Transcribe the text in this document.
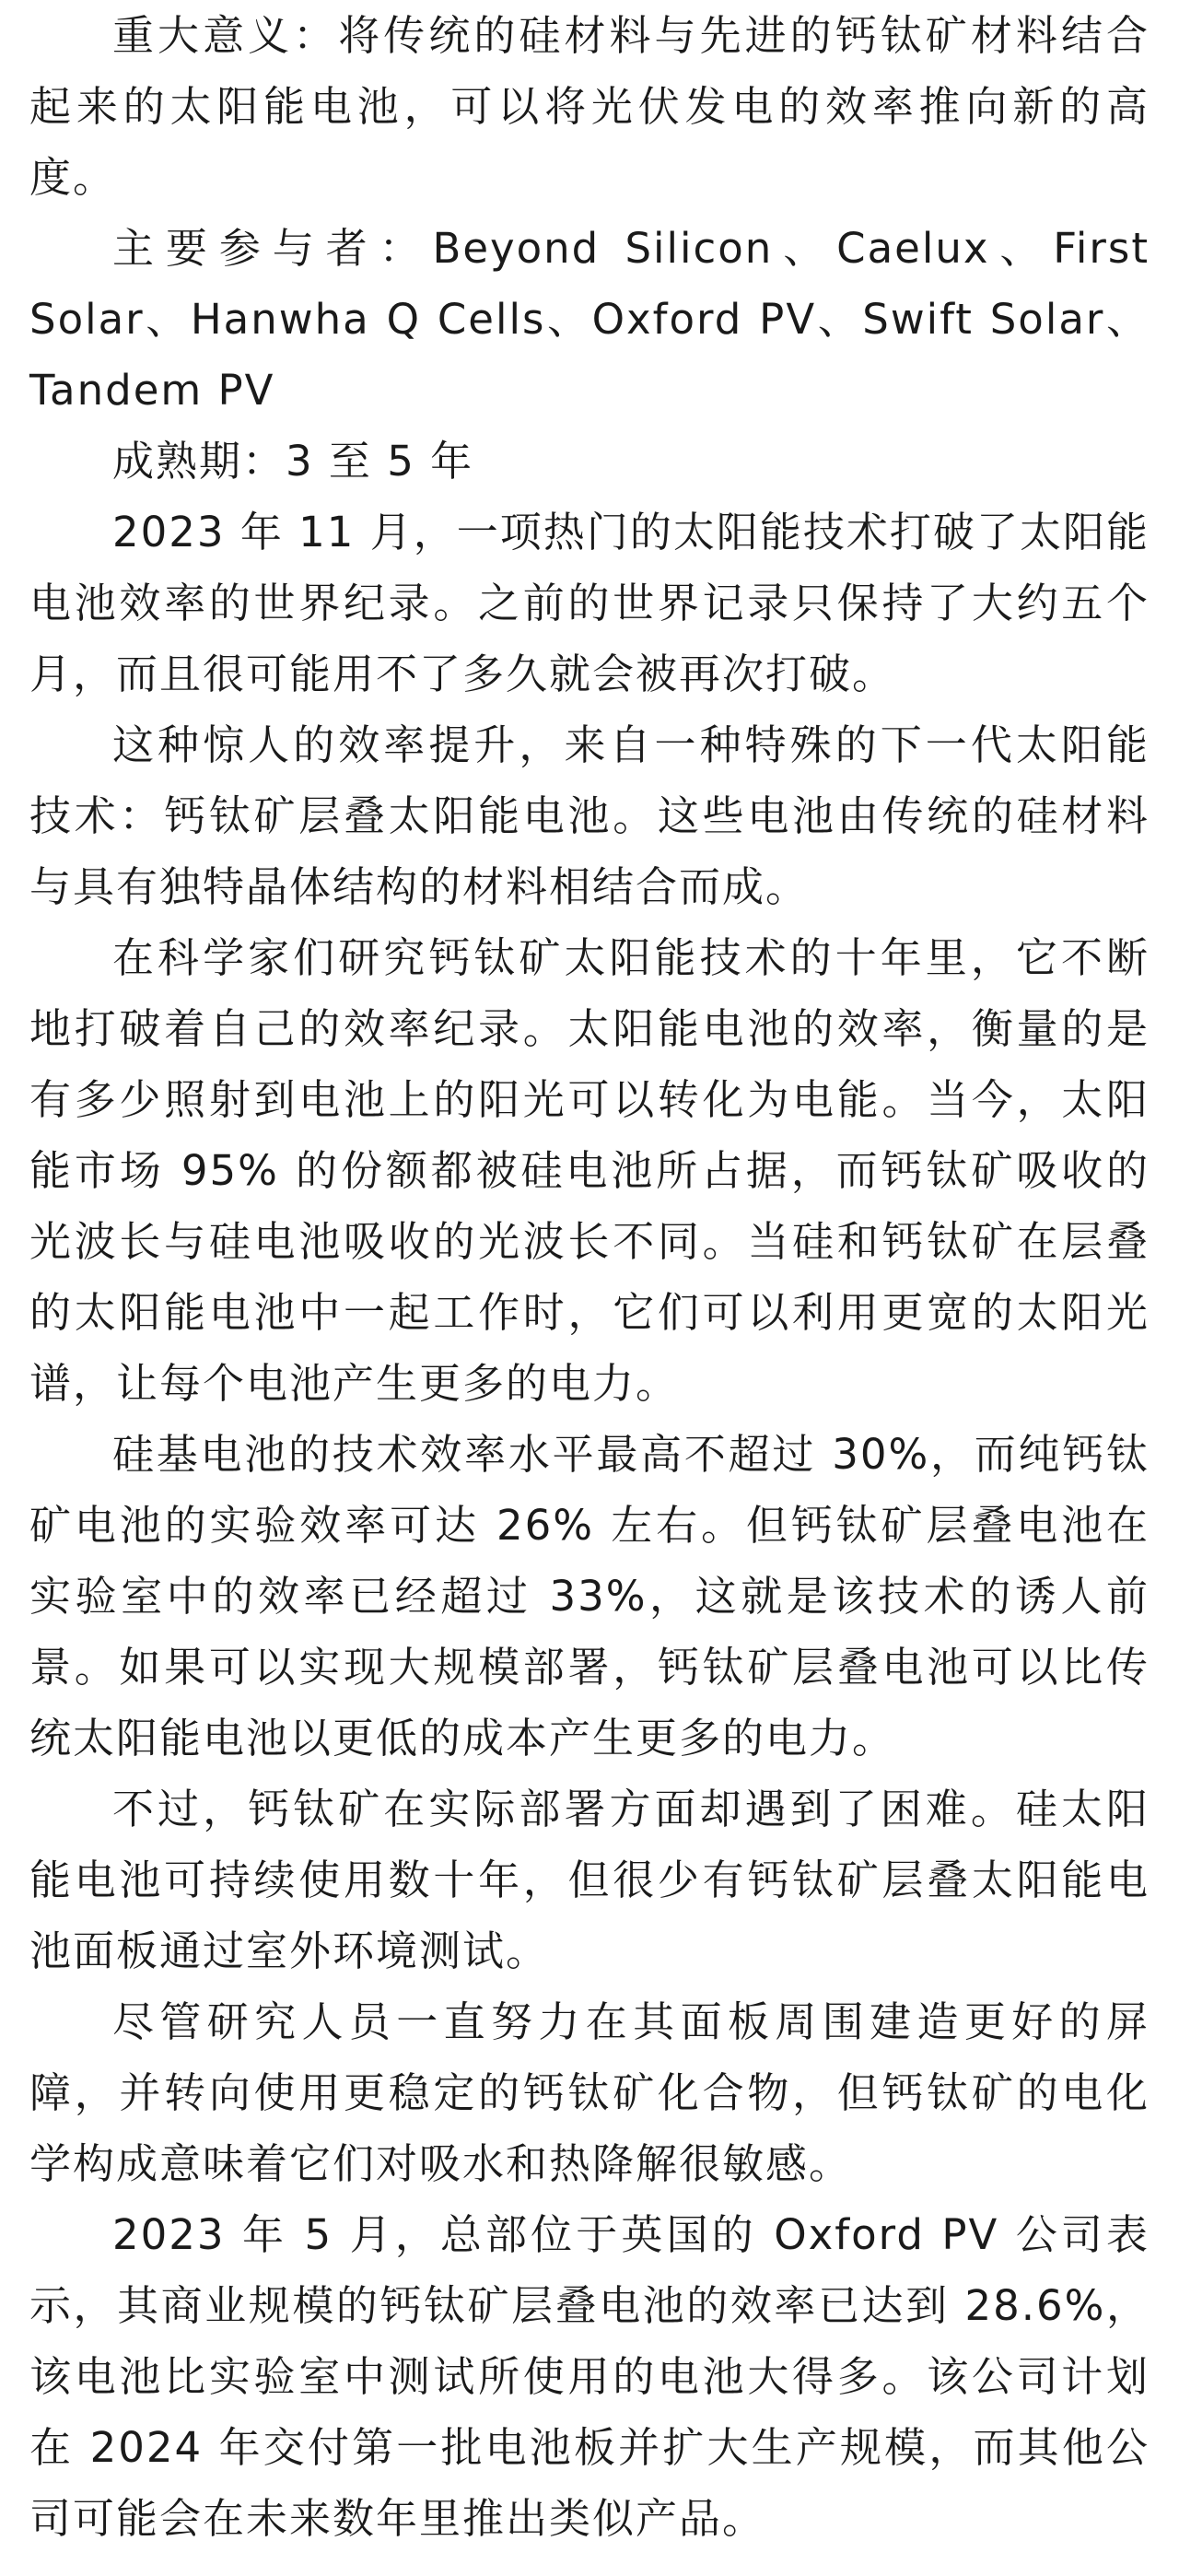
重大意义：将传统的硅材料与先进的钙钛矿材料结合起来的太阳能电池，可以将光伏发电的效率推向新的高度。

主要参与者：Beyond Silicon、Caelux、First Solar、Hanwha Q Cells、Oxford PV、Swift Solar、Tandem PV

成熟期：3 至 5 年

2023 年 11 月，一项热门的太阳能技术打破了太阳能电池效率的世界纪录。之前的世界记录只保持了大约五个月，而且很可能用不了多久就会被再次打破。

这种惊人的效率提升，来自一种特殊的下一代太阳能技术：钙钛矿层叠太阳能电池。这些电池由传统的硅材料与具有独特晶体结构的材料相结合而成。

在科学家们研究钙钛矿太阳能技术的十年里，它不断地打破着自己的效率纪录。太阳能电池的效率，衡量的是有多少照射到电池上的阳光可以转化为电能。当今，太阳能市场 95% 的份额都被硅电池所占据，而钙钛矿吸收的光波长与硅电池吸收的光波长不同。当硅和钙钛矿在层叠的太阳能电池中一起工作时，它们可以利用更宽的太阳光谱，让每个电池产生更多的电力。

硅基电池的技术效率水平最高不超过 30%，而纯钙钛矿电池的实验效率可达 26% 左右。但钙钛矿层叠电池在实验室中的效率已经超过 33%，这就是该技术的诱人前景。如果可以实现大规模部署，钙钛矿层叠电池可以比传统太阳能电池以更低的成本产生更多的电力。

不过，钙钛矿在实际部署方面却遇到了困难。硅太阳能电池可持续使用数十年，但很少有钙钛矿层叠太阳能电池面板通过室外环境测试。

尽管研究人员一直努力在其面板周围建造更好的屏障，并转向使用更稳定的钙钛矿化合物，但钙钛矿的电化学构成意味着它们对吸水和热降解很敏感。

2023 年 5 月，总部位于英国的 Oxford PV 公司表示，其商业规模的钙钛矿层叠电池的效率已达到 28.6%，该电池比实验室中测试所使用的电池大得多。该公司计划在 2024 年交付第一批电池板并扩大生产规模，而其他公司可能会在未来数年里推出类似产品。
